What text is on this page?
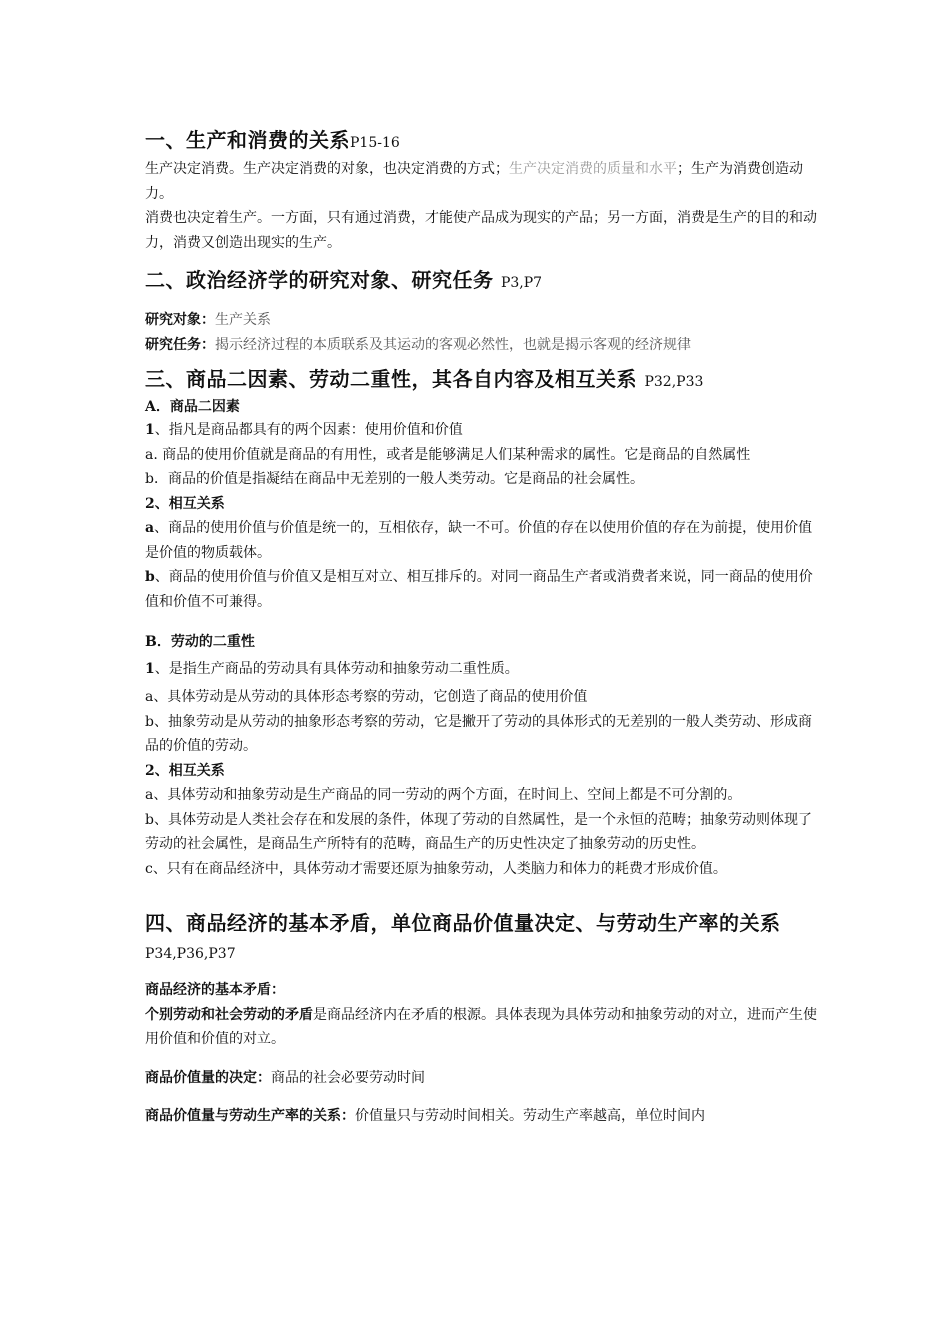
一、生产和消费的关系P15-16

生产决定消费。生产决定消费的对象，也决定消费的方式；生产决定消费的质量和水平；生产为消费创造动力。

消费也决定着生产。一方面，只有通过消费，才能使产品成为现实的产品；另一方面，消费是生产的目的和动力，消费又创造出现实的生产。

二、政治经济学的研究对象、研究任务 P3,P7

研究对象：生产关系

研究任务：揭示经济过程的本质联系及其运动的客观必然性，也就是揭示客观的经济规律

三、商品二因素、劳动二重性，其各自内容及相互关系 P32,P33

A．商品二因素

1、指凡是商品都具有的两个因素：使用价值和价值

a. 商品的使用价值就是商品的有用性，或者是能够满足人们某种需求的属性。它是商品的自然属性

b．商品的价值是指凝结在商品中无差别的一般人类劳动。它是商品的社会属性。

2、相互关系

a、商品的使用价值与价值是统一的，互相依存，缺一不可。价值的存在以使用价值的存在为前提，使用价值是价值的物质载体。

b、商品的使用价值与价值又是相互对立、相互排斥的。对同一商品生产者或消费者来说，同一商品的使用价值和价值不可兼得。

B．劳动的二重性

1、是指生产商品的劳动具有具体劳动和抽象劳动二重性质。

a、具体劳动是从劳动的具体形态考察的劳动，它创造了商品的使用价值

b、抽象劳动是从劳动的抽象形态考察的劳动，它是撇开了劳动的具体形式的无差别的一般人类劳动、形成商品的价值的劳动。

2、相互关系

a、具体劳动和抽象劳动是生产商品的同一劳动的两个方面，在时间上、空间上都是不可分割的。

b、具体劳动是人类社会存在和发展的条件，体现了劳动的自然属性，是一个永恒的范畴；抽象劳动则体现了劳动的社会属性，是商品生产所特有的范畴，商品生产的历史性决定了抽象劳动的历史性。

c、只有在商品经济中，具体劳动才需要还原为抽象劳动，人类脑力和体力的耗费才形成价值。

四、商品经济的基本矛盾，单位商品价值量决定、与劳动生产率的关系P34,P36,P37

商品经济的基本矛盾：

个别劳动和社会劳动的矛盾是商品经济内在矛盾的根源。具体表现为具体劳动和抽象劳动的对立，进而产生使用价值和价值的对立。

商品价值量的决定：商品的社会必要劳动时间

商品价值量与劳动生产率的关系：价值量只与劳动时间相关。劳动生产率越高，单位时间内
